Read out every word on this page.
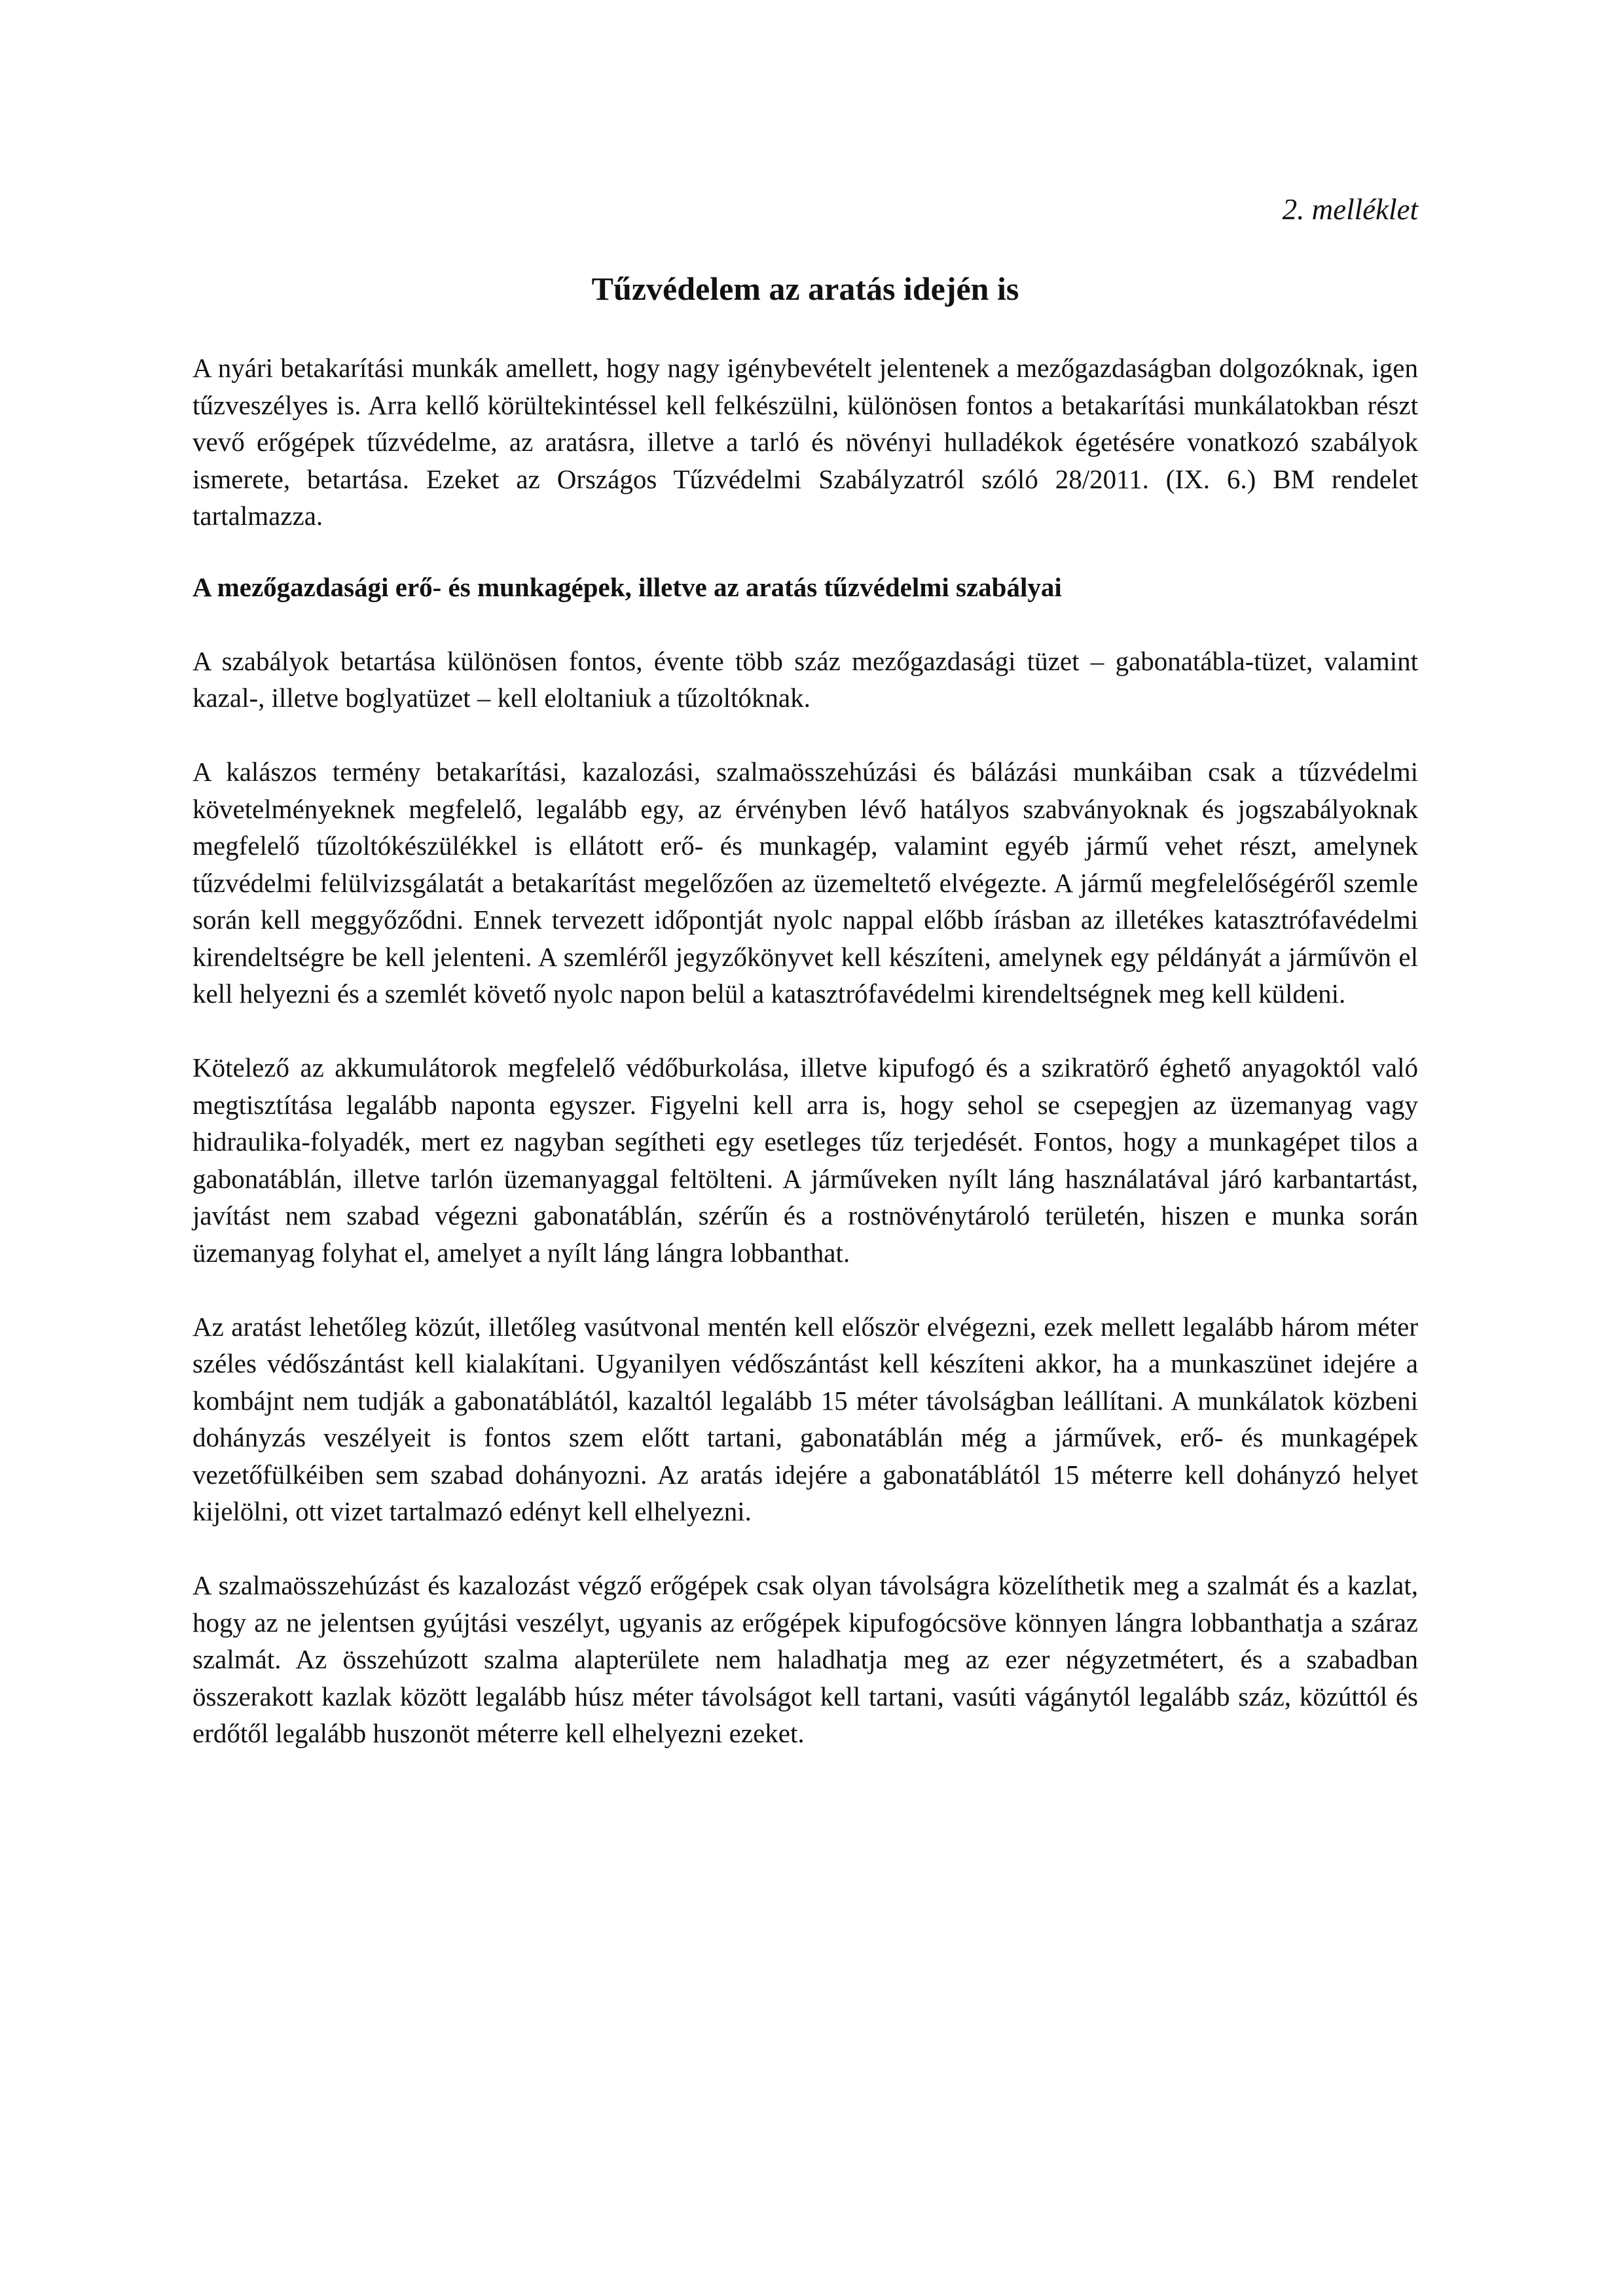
2. melléklet

Tűzvédelem az aratás idején is

A nyári betakarítási munkák amellett, hogy nagy igénybevételt jelentenek a mezőgazdaságban dolgozóknak, igen tűzveszélyes is. Arra kellő körültekintéssel kell felkészülni, különösen fontos a betakarítási munkálatokban részt vevő erőgépek tűzvédelme, az aratásra, illetve a tarló és növényi hulladékok égetésére vonatkozó szabályok ismerete, betartása. Ezeket az Országos Tűzvédelmi Szabályzatról szóló 28/2011. (IX. 6.) BM rendelet tartalmazza.

A mezőgazdasági erő- és munkagépek, illetve az aratás tűzvédelmi szabályai

A szabályok betartása különösen fontos, évente több száz mezőgazdasági tüzet – gabonatábla-tüzet, valamint kazal-, illetve boglyatüzet – kell eloltaniuk a tűzoltóknak.

A kalászos termény betakarítási, kazalozási, szalmaösszehúzási és bálázási munkáiban csak a tűzvédelmi követelményeknek megfelelő, legalább egy, az érvényben lévő hatályos szabványoknak és jogszabályoknak megfelelő tűzoltókészülékkel is ellátott erő- és munkagép, valamint egyéb jármű vehet részt, amelynek tűzvédelmi felülvizsgálatát a betakarítást megelőzően az üzemeltető elvégezte. A jármű megfelelőségéről szemle során kell meggyőződni. Ennek tervezett időpontját nyolc nappal előbb írásban az illetékes katasztrófavédelmi kirendeltségre be kell jelenteni. A szemléről jegyzőkönyvet kell készíteni, amelynek egy példányát a járművön el kell helyezni és a szemlét követő nyolc napon belül a katasztrófavédelmi kirendeltségnek meg kell küldeni.

Kötelező az akkumulátorok megfelelő védőburkolása, illetve kipufogó és a szikratörő éghető anyagoktól való megtisztítása legalább naponta egyszer. Figyelni kell arra is, hogy sehol se csepegjen az üzemanyag vagy hidraulika-folyadék, mert ez nagyban segítheti egy esetleges tűz terjedését. Fontos, hogy a munkagépet tilos a gabonatáblán, illetve tarlón üzemanyaggal feltölteni. A járműveken nyílt láng használatával járó karbantartást, javítást nem szabad végezni gabonatáblán, szérűn és a rostnövénytároló területén, hiszen e munka során üzemanyag folyhat el, amelyet a nyílt láng lángra lobbanthat.

Az aratást lehetőleg közút, illetőleg vasútvonal mentén kell először elvégezni, ezek mellett legalább három méter széles védőszántást kell kialakítani. Ugyanilyen védőszántást kell készíteni akkor, ha a munkaszünet idejére a kombájnt nem tudják a gabonatáblától, kazaltól legalább 15 méter távolságban leállítani. A munkálatok közbeni dohányzás veszélyeit is fontos szem előtt tartani, gabonatáblán még a járművek, erő- és munkagépek vezetőfülkéiben sem szabad dohányozni. Az aratás idejére a gabonatáblától 15 méterre kell dohányzó helyet kijelölni, ott vizet tartalmazó edényt kell elhelyezni.

A szalmaösszehúzást és kazalozást végző erőgépek csak olyan távolságra közelíthetik meg a szalmát és a kazlat, hogy az ne jelentsen gyújtási veszélyt, ugyanis az erőgépek kipufogócsöve könnyen lángra lobbanthatja a száraz szalmát. Az összehúzott szalma alapterülete nem haladhatja meg az ezer négyzetmétert, és a szabadban összerakott kazlak között legalább húsz méter távolságot kell tartani, vasúti vágánytól legalább száz, közúttól és erdőtől legalább huszonöt méterre kell elhelyezni ezeket.
